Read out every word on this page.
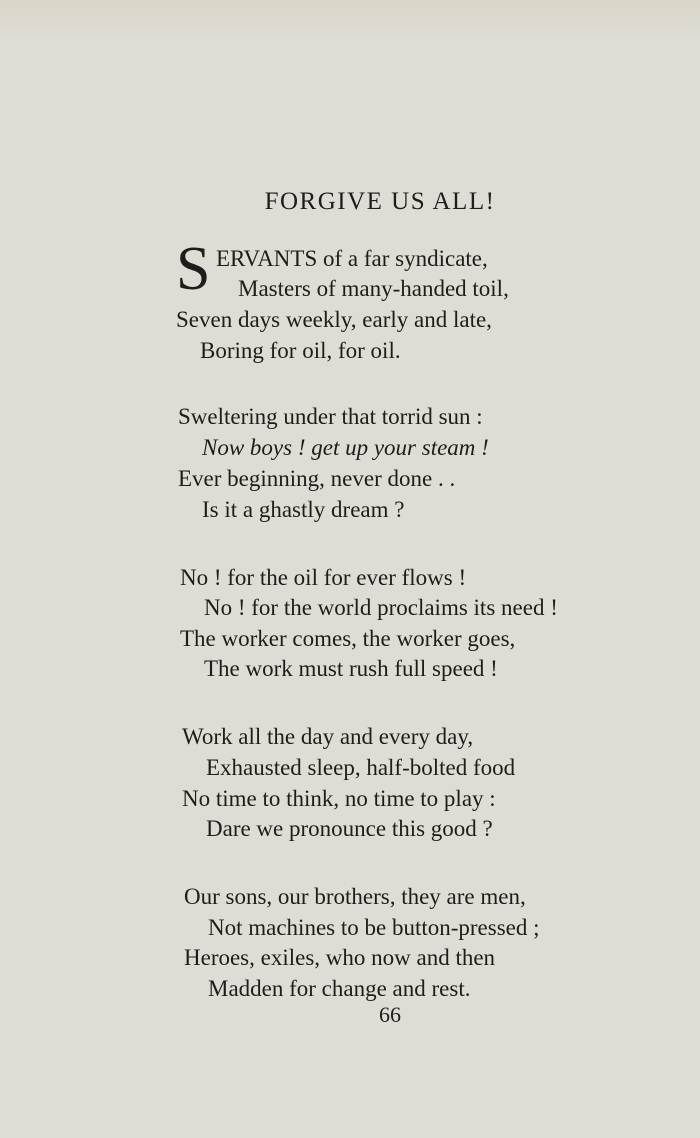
FORGIVE US ALL!
S ERVANTS of a far syndicate,
Masters of many-handed toil,
Seven days weekly, early and late,
Boring for oil, for oil.
Sweltering under that torrid sun :
Now boys ! get up your steam !
Ever beginning, never done . .
Is it a ghastly dream ?
No ! for the oil for ever flows !
No ! for the world proclaims its need !
The worker comes, the worker goes,
The work must rush full speed !
Work all the day and every day,
Exhausted sleep, half-bolted food
No time to think, no time to play :
Dare we pronounce this good ?
Our sons, our brothers, they are men,
Not machines to be button-pressed ;
Heroes, exiles, who now and then
Madden for change and rest.
66
